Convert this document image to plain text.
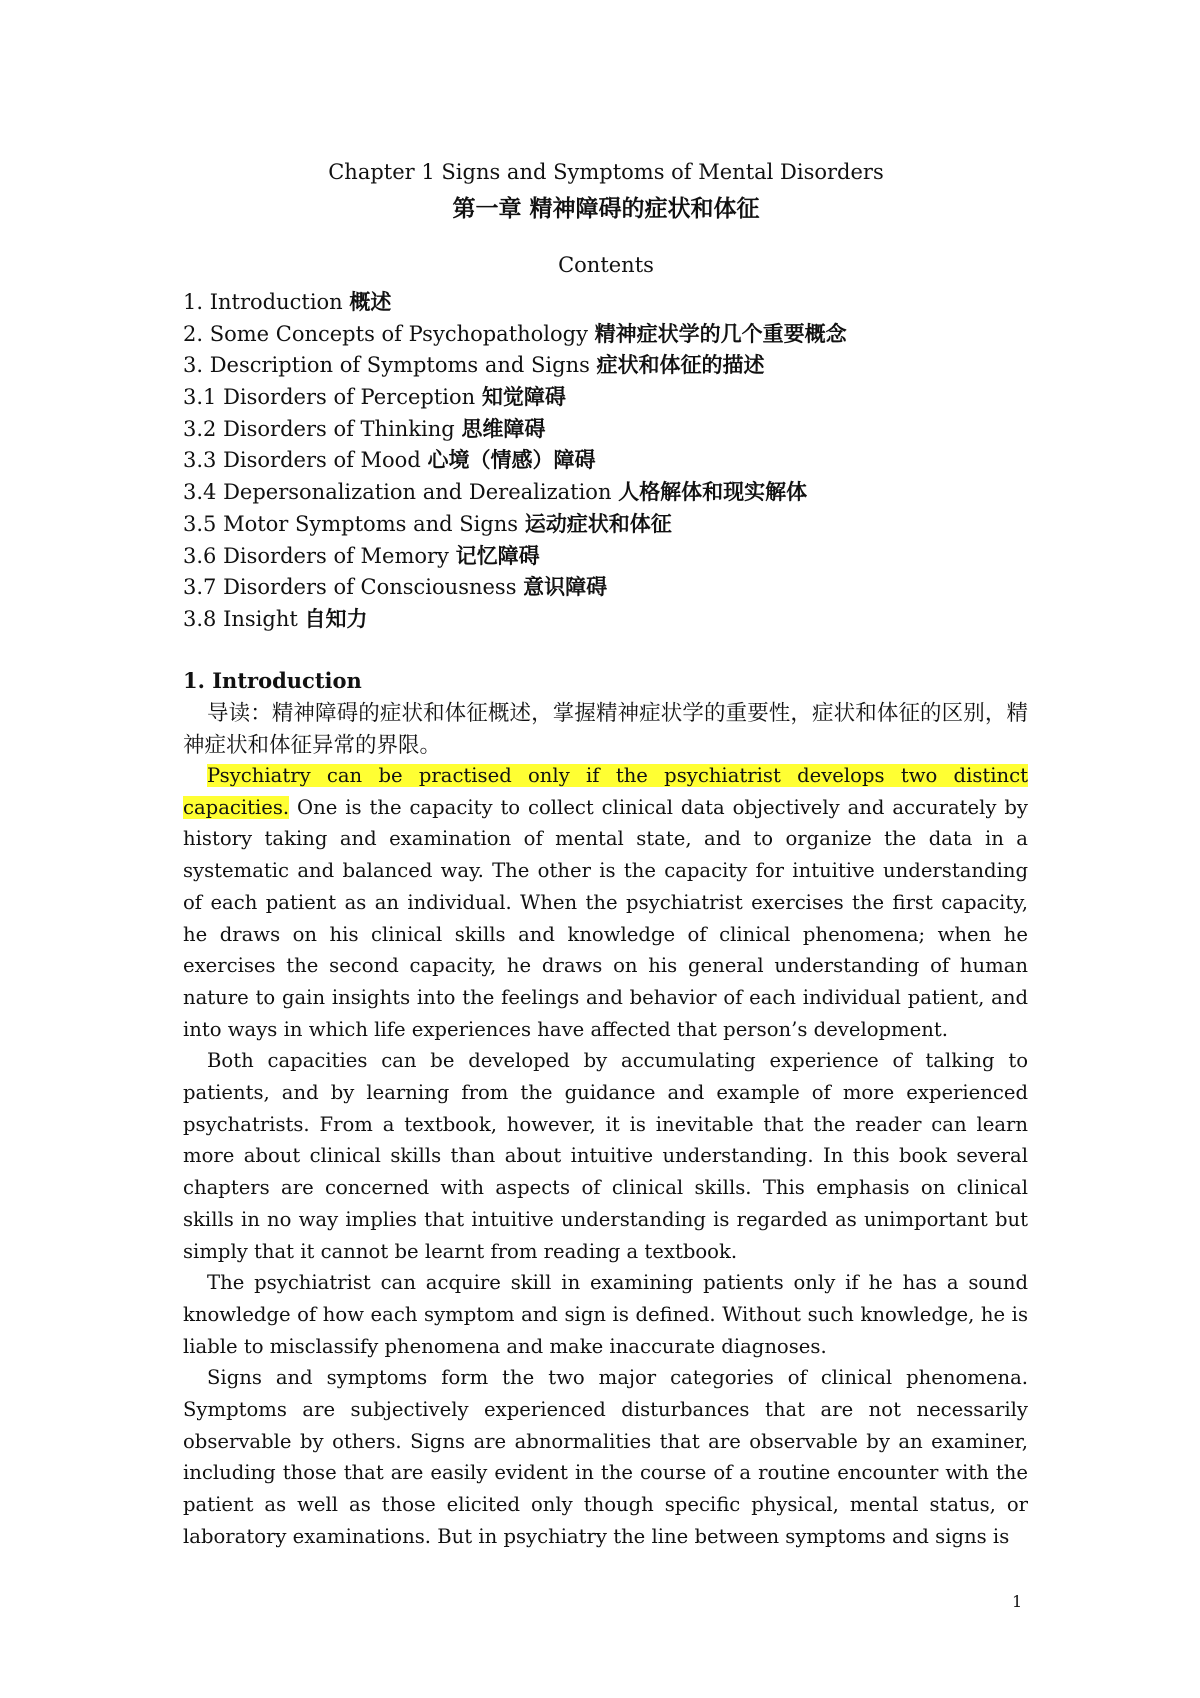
Chapter 1 Signs and Symptoms of Mental Disorders
第一章 精神障碍的症状和体征
Contents
1. Introduction 概述
2. Some Concepts of Psychopathology 精神症状学的几个重要概念
3. Description of Symptoms and Signs 症状和体征的描述
3.1 Disorders of Perception 知觉障碍
3.2 Disorders of Thinking 思维障碍
3.3 Disorders of Mood 心境（情感）障碍
3.4 Depersonalization and Derealization 人格解体和现实解体
3.5 Motor Symptoms and Signs 运动症状和体征
3.6 Disorders of Memory 记忆障碍
3.7 Disorders of Consciousness 意识障碍
3.8 Insight 自知力
1. Introduction
导读：精神障碍的症状和体征概述，掌握精神症状学的重要性，症状和体征的区别，精神症状和体征异常的界限。

Psychiatry can be practised only if the psychiatrist develops two distinct capacities. One is the capacity to collect clinical data objectively and accurately by history taking and examination of mental state, and to organize the data in a systematic and balanced way. The other is the capacity for intuitive understanding of each patient as an individual. When the psychiatrist exercises the first capacity, he draws on his clinical skills and knowledge of clinical phenomena; when he exercises the second capacity, he draws on his general understanding of human nature to gain insights into the feelings and behavior of each individual patient, and into ways in which life experiences have affected that person’s development.

Both capacities can be developed by accumulating experience of talking to patients, and by learning from the guidance and example of more experienced psychatrists. From a textbook, however, it is inevitable that the reader can learn more about clinical skills than about intuitive understanding. In this book several chapters are concerned with aspects of clinical skills. This emphasis on clinical skills in no way implies that intuitive understanding is regarded as unimportant but simply that it cannot be learnt from reading a textbook.

The psychiatrist can acquire skill in examining patients only if he has a sound knowledge of how each symptom and sign is defined. Without such knowledge, he is liable to misclassify phenomena and make inaccurate diagnoses.

Signs and symptoms form the two major categories of clinical phenomena. Symptoms are subjectively experienced disturbances that are not necessarily observable by others. Signs are abnormalities that are observable by an examiner, including those that are easily evident in the course of a routine encounter with the patient as well as those elicited only though specific physical, mental status, or laboratory examinations. But in psychiatry the line between symptoms and signs is

1
